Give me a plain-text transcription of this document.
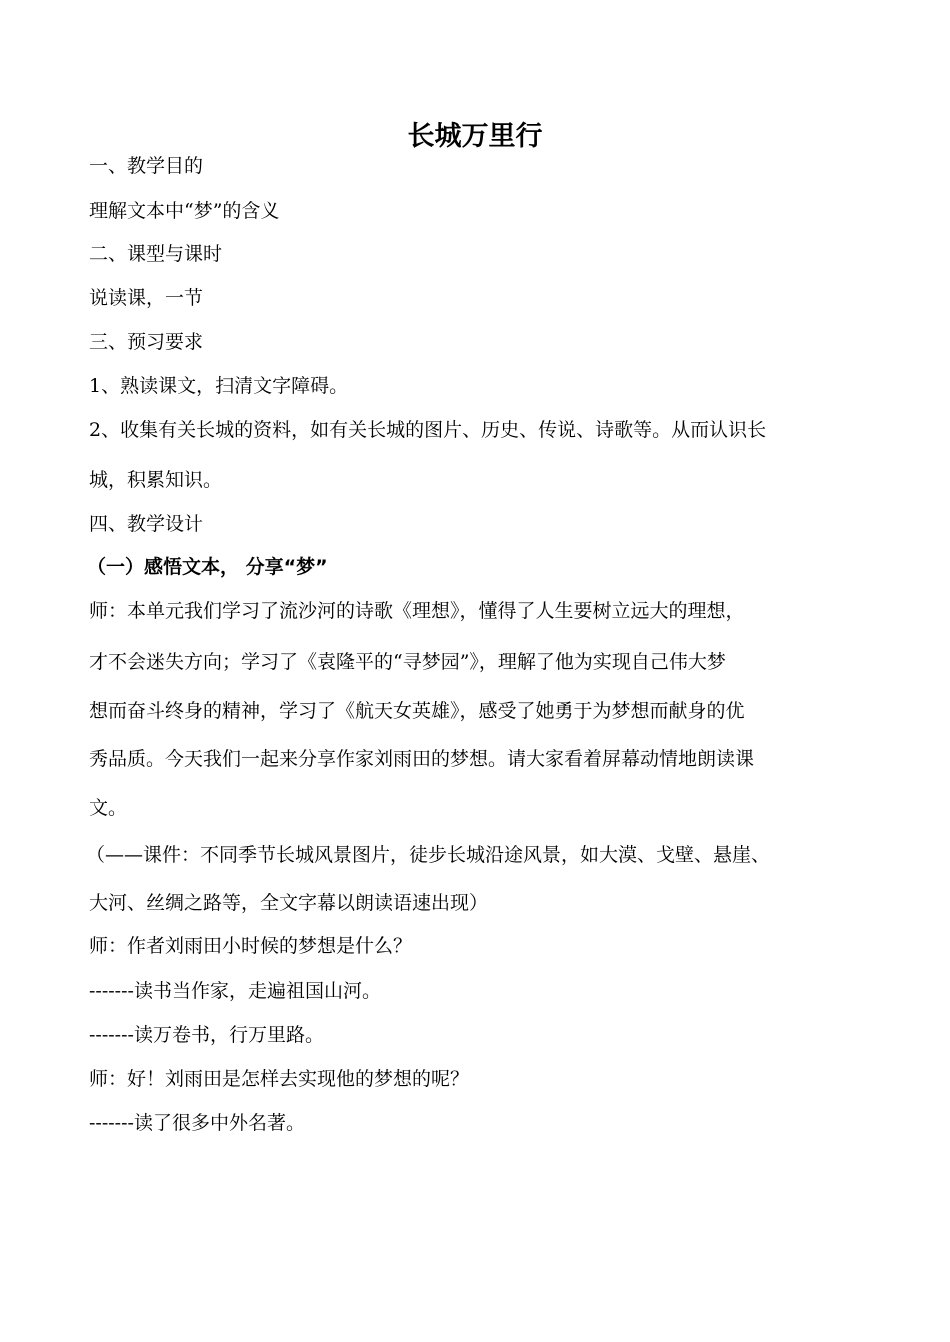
长城万里行
一、教学目的
理解文本中“梦”的含义
二、课型与课时
说读课，一节
三、预习要求
1、熟读课文，扫清文字障碍。
2、收集有关长城的资料，如有关长城的图片、历史、传说、诗歌等。从而认识长
城，积累知识。
四、教学设计
（一）感悟文本， 分享“梦”
师：本单元我们学习了流沙河的诗歌《理想》，懂得了人生要树立远大的理想，
才不会迷失方向；学习了《袁隆平的“寻梦园”》，理解了他为实现自己伟大梦
想而奋斗终身的精神，学习了《航天女英雄》，感受了她勇于为梦想而献身的优
秀品质。今天我们一起来分享作家刘雨田的梦想。请大家看着屏幕动情地朗读课
文。
（——课件：不同季节长城风景图片，徒步长城沿途风景，如大漠、戈壁、悬崖、
大河、丝绸之路等，全文字幕以朗读语速出现）
师：作者刘雨田小时候的梦想是什么？
-------读书当作家，走遍祖国山河。
-------读万卷书，行万里路。
师：好！刘雨田是怎样去实现他的梦想的呢？
-------读了很多中外名著。
